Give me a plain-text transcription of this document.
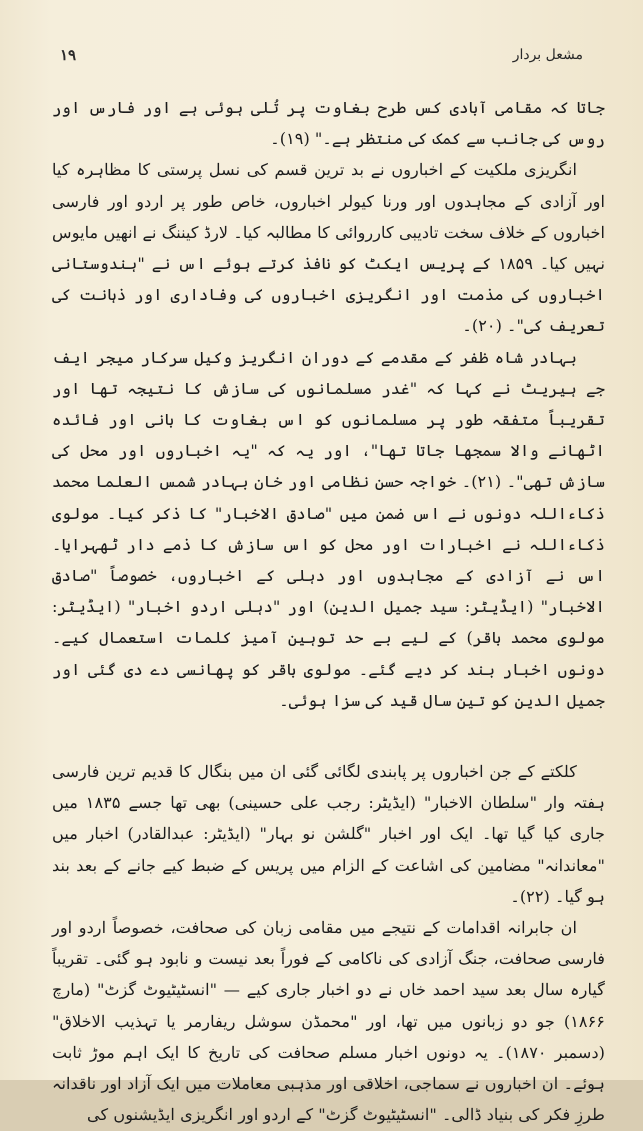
۱۹	مشعل بردار

جاتا کہ مقامی آبادی کس طرح بغاوت پر تُلی ہوئی ہے اور فارس اور روس کی جانب سے کمک کی منتظر ہے۔" (۱۹)۔

انگریزی ملکیت کے اخباروں نے بد ترین قسم کی نسل پرستی کا مظاہرہ کیا اور آزادی کے مجاہدوں اور ورنا کیولر اخباروں، خاص طور پر اردو اور فارسی اخباروں کے خلاف سخت تادیبی کارروائی کا مطالبہ کیا۔ لارڈ کیننگ نے انھیں مایوس نہیں کیا۔ ۱۸۵۹ کے پریس ایکٹ کو نافذ کرتے ہوئے اس نے "ہندوستانی اخباروں کی مذمت اور انگریزی اخباروں کی وفاداری اور ذہانت کی تعریف کی"۔ (۲۰)۔

بہادر شاہ ظفر کے مقدمے کے دوران انگریز وکیل سرکار میجر ایف جے ہیریٹ نے کہا کہ "غدر مسلمانوں کی سازش کا نتیجہ تھا اور تقریباً متفقہ طور پر مسلمانوں کو اس بغاوت کا بانی اور فائدہ اٹھانے والا سمجھا جاتا تھا"، اور یہ کہ "یہ اخباروں اور محل کی سازش تھی"۔ (۲۱)۔ خواجہ حسن نظامی اور خان بہادر شمس العلما محمد ذکاءاللہ دونوں نے اس ضمن میں "صادق الاخبار" کا ذکر کیا۔ مولوی ذکاءاللہ نے اخبارات اور محل کو اس سازش کا ذمے دار ٹھہرایا۔ اس نے آزادی کے مجاہدوں اور دہلی کے اخباروں، خصوصاً "صادق الاخبار" (ایڈیٹر: سید جمیل الدین) اور "دہلی اردو اخبار" (ایڈیٹر: مولوی محمد باقر) کے لیے بے حد توہین آمیز کلمات استعمال کیے۔ دونوں اخبار بند کر دیے گئے۔ مولوی باقر کو پھانسی دے دی گئی اور جمیل الدین کو تین سال قید کی سزا ہوئی۔

کلکتے کے جن اخباروں پر پابندی لگائی گئی ان میں بنگال کا قدیم ترین فارسی ہفتہ وار "سلطان الاخبار" (ایڈیٹر: رجب علی حسینی) بھی تھا جسے ۱۸۳۵ میں جاری کیا گیا تھا۔ ایک اور اخبار "گلشن نو بہار" (ایڈیٹر: عبدالقادر) اخبار میں "معاندانہ" مضامین کی اشاعت کے الزام میں پریس کے ضبط کیے جانے کے بعد بند ہو گیا۔ (۲۲)۔

ان جابرانہ اقدامات کے نتیجے میں مقامی زبان کی صحافت، خصوصاً اردو اور فارسی صحافت، جنگ آزادی کی ناکامی کے فوراً بعد نیست و نابود ہو گئی۔ تقریباً گیارہ سال بعد سید احمد خاں نے دو اخبار جاری کیے — "انسٹیٹیوٹ گزٹ" (مارچ ۱۸۶۶) جو دو زبانوں میں تھا، اور "محمڈن سوشل ریفارمر یا تہذیب الاخلاق" (دسمبر ۱۸۷۰)۔ یہ دونوں اخبار مسلم صحافت کی تاریخ کا ایک اہم موڑ ثابت ہوئے۔ ان اخباروں نے سماجی، اخلاقی اور مذہبی معاملات میں ایک آزاد اور ناقدانہ طرزِ فکر کی بنیاد ڈالی۔ "انسٹیٹیوٹ گزٹ" کے اردو اور انگریزی ایڈیشنوں کی
